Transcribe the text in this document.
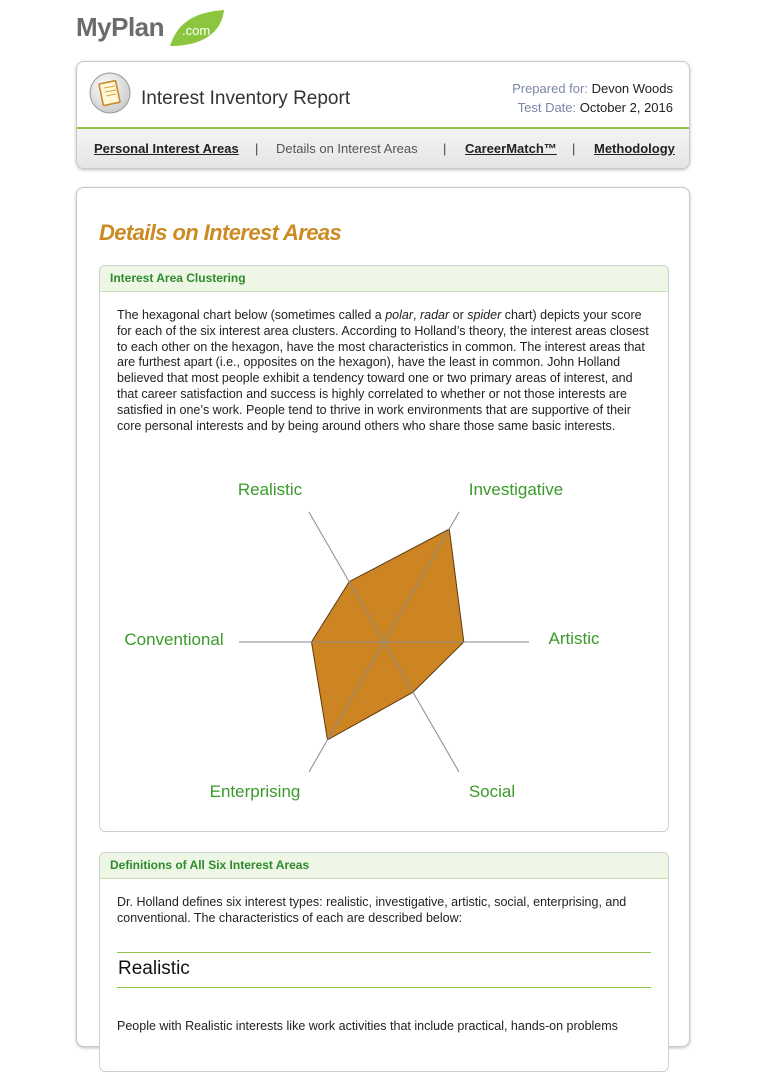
MyPlan .com
Interest Inventory Report	Prepared for: Devon Woods
Test Date: October 2, 2016
Personal Interest Areas | Details on Interest Areas | CareerMatch™ | Methodology
Details on Interest Areas
Interest Area Clustering
The hexagonal chart below (sometimes called a polar, radar or spider chart) depicts your score for each of the six interest area clusters. According to Holland’s theory, the interest areas closest to each other on the hexagon, have the most characteristics in common. The interest areas that are furthest apart (i.e., opposites on the hexagon), have the least in common. John Holland believed that most people exhibit a tendency toward one or two primary areas of interest, and that career satisfaction and success is highly correlated to whether or not those interests are satisfied in one’s work. People tend to thrive in work environments that are supportive of their core personal interests and by being around others who share those same basic interests.
Realistic	Investigative
Artistic
Social
Enterprising
Conventional
Definitions of All Six Interest Areas
Dr. Holland defines six interest types: realistic, investigative, artistic, social, enterprising, and conventional. The characteristics of each are described below:
Realistic
People with Realistic interests like work activities that include practical, hands-on problems
